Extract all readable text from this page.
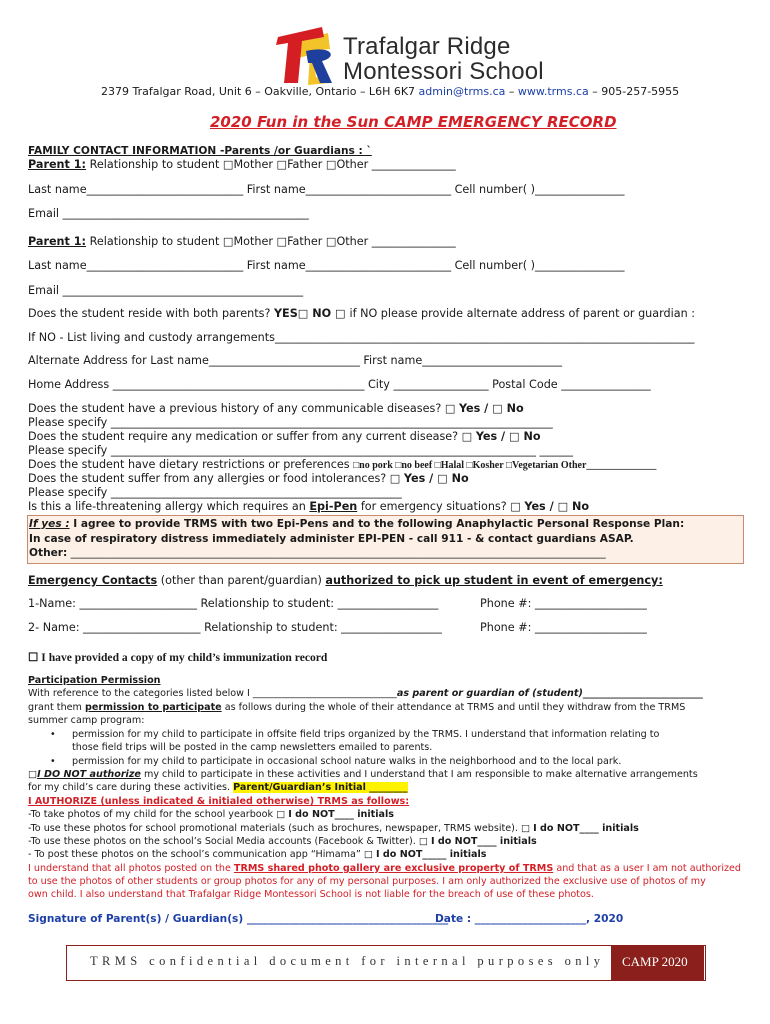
Trafalgar Ridge
Montessori School
2379 Trafalgar Road, Unit 6 – Oakville, Ontario – L6H 6K7 admin@trms.ca – www.trms.ca – 905-257-5955
2020 Fun in the Sun CAMP EMERGENCY RECORD
FAMILY CONTACT INFORMATION -Parents /or Guardians : `
Parent 1: Relationship to student □Mother □Father □Other _______________
Last name____________________________ First name__________________________ Cell number( )________________
Email ____________________________________________
Parent 1: Relationship to student □Mother □Father □Other _______________
Last name____________________________ First name__________________________ Cell number( )________________
Email ___________________________________________
Does the student reside with both parents? YES□ NO □ if NO please provide alternate address of parent or guardian :
If NO - List living and custody arrangements___________________________________________________________________________
Alternate Address for Last name___________________________ First name_________________________
Home Address _____________________________________________ City _________________ Postal Code ________________
Does the student have a previous history of any communicable diseases? □ Yes / □ No
Please specify _______________________________________________________________________________
Does the student require any medication or suffer from any current disease? □ Yes / □ No
Please specify ____________________________________________________________________________ ______
Does the student have dietary restrictions or preferences □no pork □no beef □Halal □Kosher □Vegetarian Other______________
Does the student suffer from any allergies or food intolerances? □ Yes / □ No
Please specify ____________________________________________________
Is this a life-threatening allergy which requires an Epi-Pen for emergency situations? □ Yes / □ No
If yes : I agree to provide TRMS with two Epi-Pens and to the following Anaphylactic Personal Response Plan:
In case of respiratory distress immediately administer EPI-PEN - call 911 - & contact guardians ASAP.
Other: _____________________________________________________________________________________________________
Emergency Contacts (other than parent/guardian) authorized to pick up student in event of emergency:
1-Name: _____________________ Relationship to student: __________________	Phone #: ____________________
2- Name: _____________________ Relationship to student: __________________	Phone #: ____________________
☐ I have provided a copy of my child’s immunization record
Participation Permission
With reference to the categories listed below I ______________________________as parent or guardian of (student)_________________________
grant them permission to participate as follows during the whole of their attendance at TRMS and until they withdraw from the TRMS
summer camp program:
• permission for my child to participate in offsite field trips organized by the TRMS. I understand that information relating to
those field trips will be posted in the camp newsletters emailed to parents.
• permission for my child to participate in occasional school nature walks in the neighborhood and to the local park.
□I DO NOT authorize my child to participate in these activities and I understand that I am responsible to make alternative arrangements
for my child’s care during these activities. Parent/Guardian’s Initial ________
I AUTHORIZE (unless indicated & initialed otherwise) TRMS as follows:
-To take photos of my child for the school yearbook □ I do NOT____ initials
-To use these photos for school promotional materials (such as brochures, newspaper, TRMS website). □ I do NOT____ initials
-To use these photos on the school’s Social Media accounts (Facebook & Twitter). □ I do NOT____ initials
- To post these photos on the school’s communication app “Himama” □ I do NOT_____ initials
I understand that all photos posted on the TRMS shared photo gallery are exclusive property of TRMS and that as a user I am not authorized
to use the photos of other students or group photos for any of my personal purposes. I am only authorized the exclusive use of photos of my
own child. I also understand that Trafalgar Ridge Montessori School is not liable for the breach of use of these photos.
Signature of Parent(s) / Guardian(s) ______________________________________
Date : _____________________, 2020
TRMS confidential document for internal purposes only CAMP 2020
